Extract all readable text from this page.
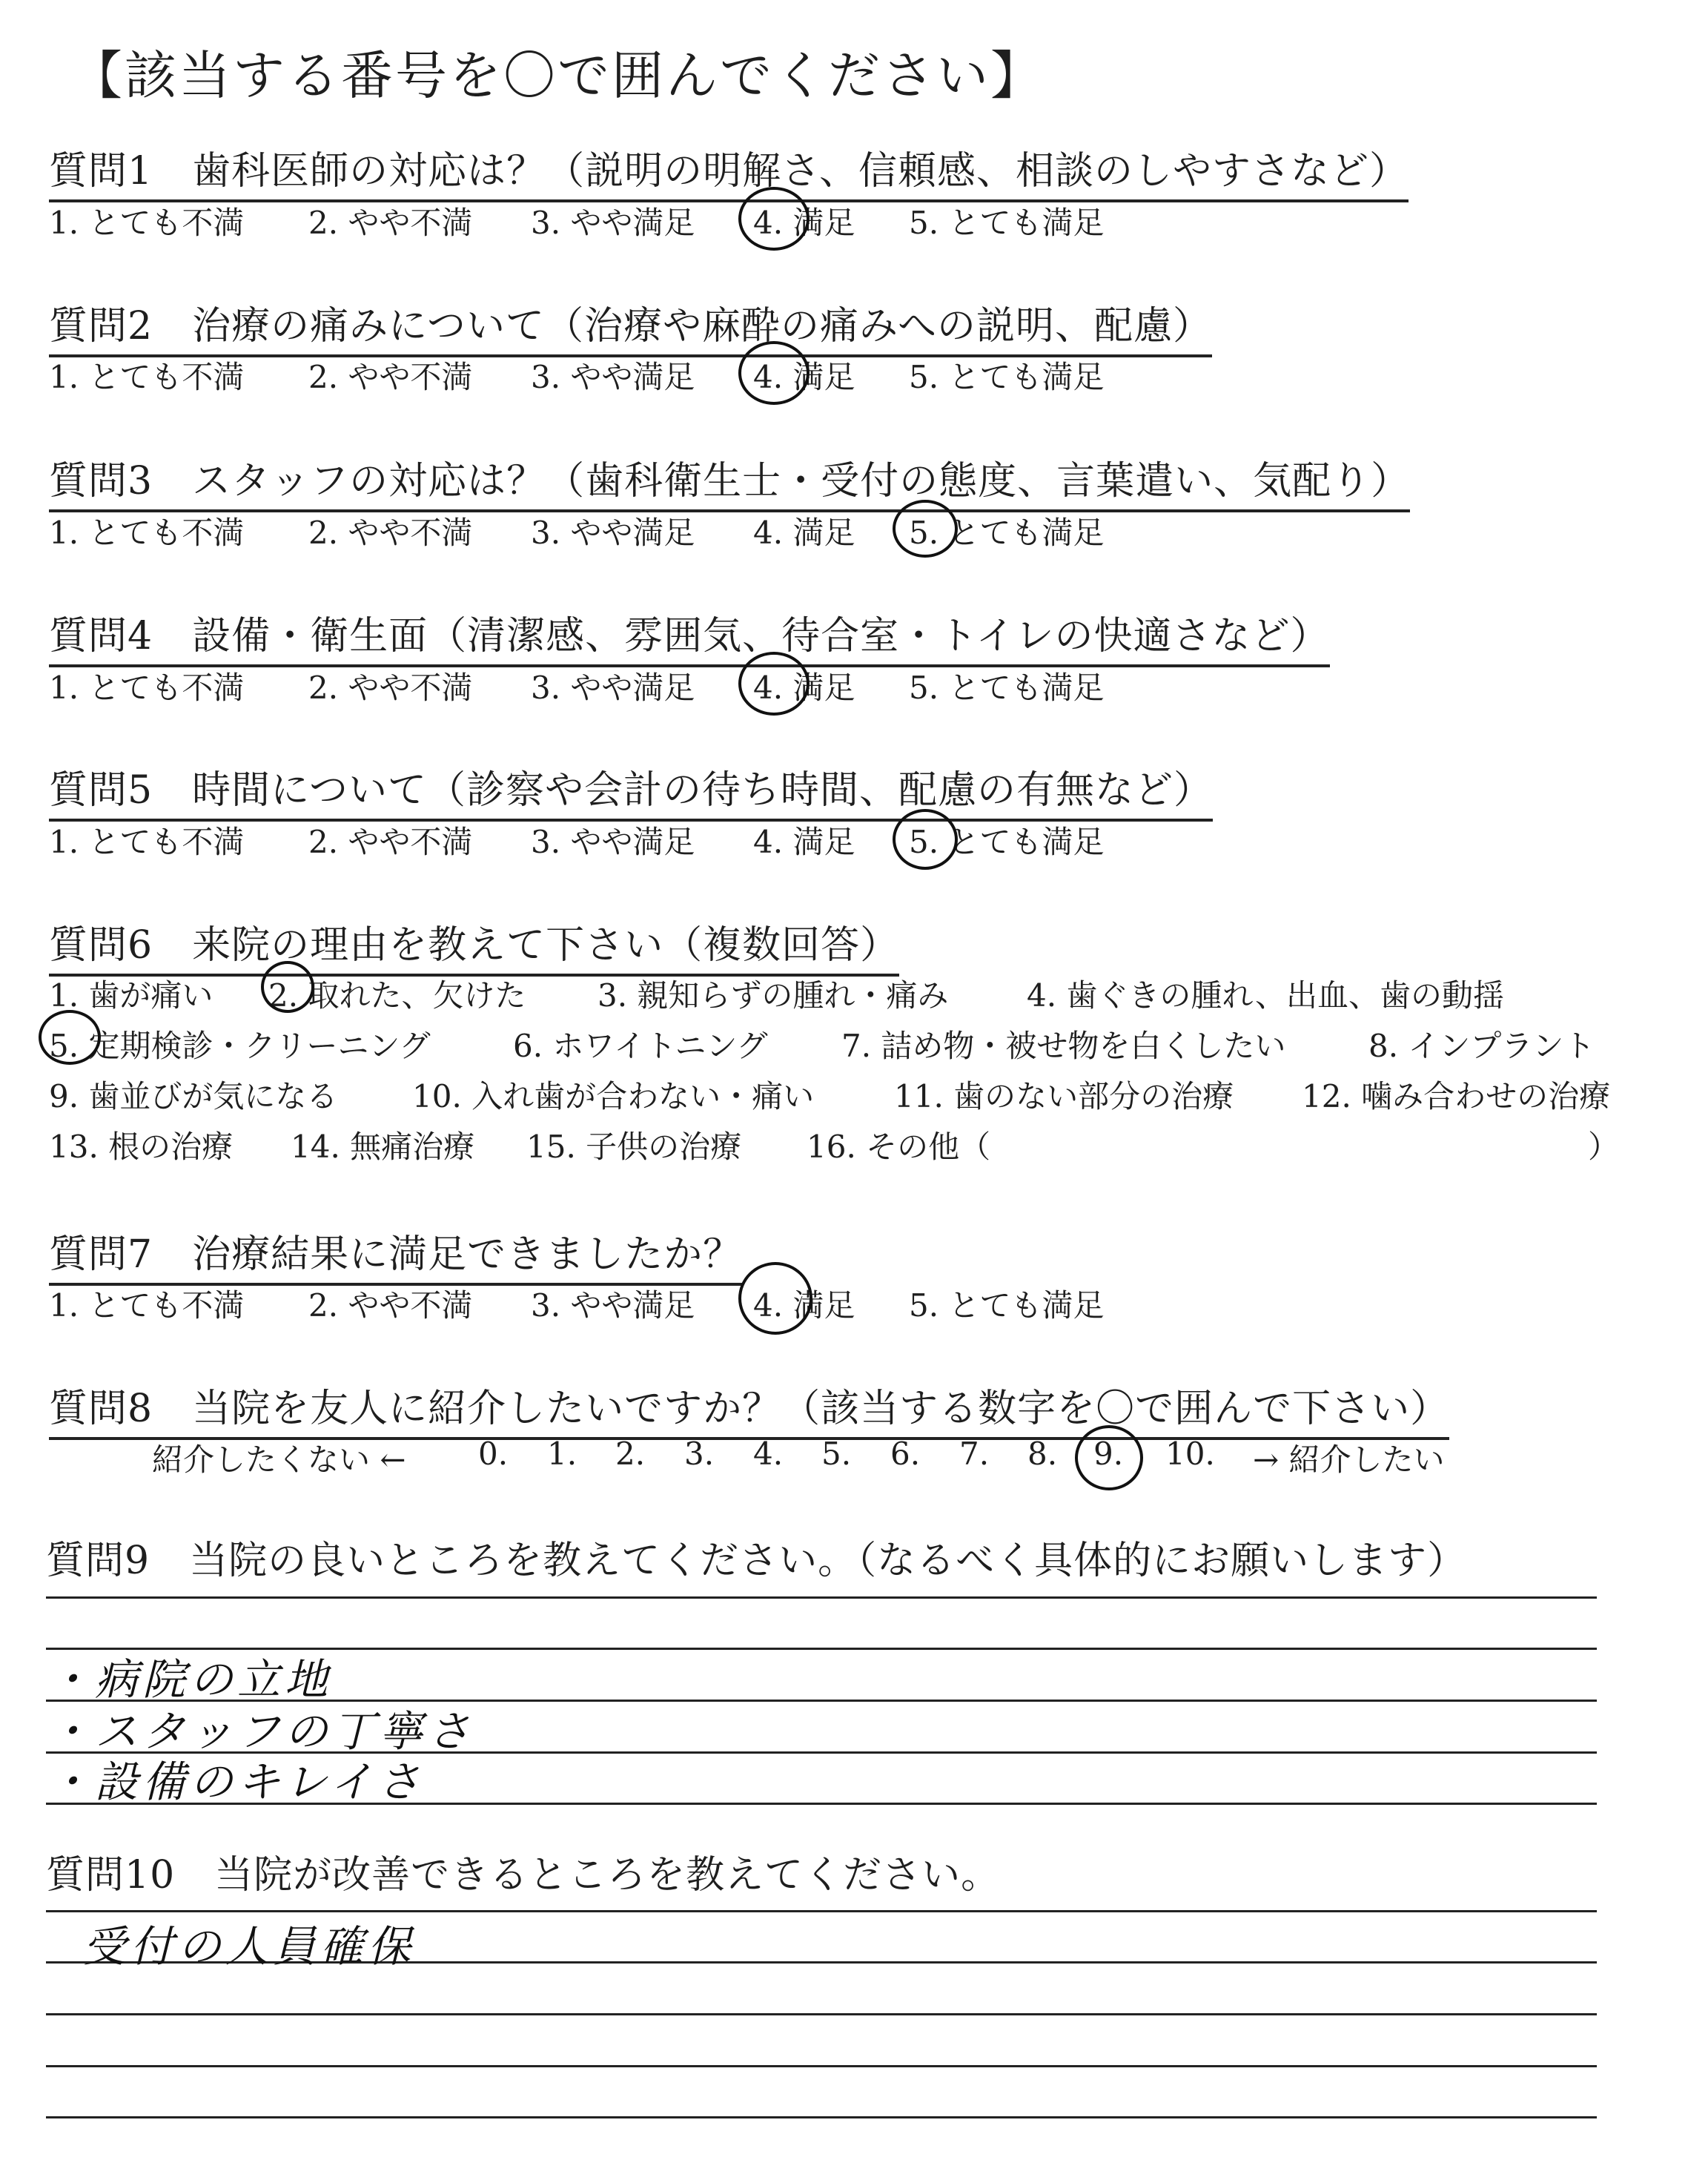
【該当する番号を〇で囲んでください】
質問1　歯科医師の対応は？（説明の明解さ、信頼感、相談のしやすさなど）
1. とても不満 2. やや不満 3. やや満足 4. 満足 5. とても満足
質問2　治療の痛みについて（治療や麻酔の痛みへの説明、配慮）
1. とても不満 2. やや不満 3. やや満足 4. 満足 5. とても満足
質問3　スタッフの対応は？（歯科衛生士・受付の態度、言葉遣い、気配り）
1. とても不満 2. やや不満 3. やや満足 4. 満足 5. とても満足
質問4　設備・衛生面（清潔感、雰囲気、待合室・トイレの快適さなど）
1. とても不満 2. やや不満 3. やや満足 4. 満足 5. とても満足
質問5　時間について（診察や会計の待ち時間、配慮の有無など）
1. とても不満 2. やや不満 3. やや満足 4. 満足 5. とても満足
質問6　来院の理由を教えて下さい（複数回答）
1. 歯が痛い 2. 取れた、欠けた 3. 親知らずの腫れ・痛み	4. 歯ぐきの腫れ、出血、歯の動揺
5. 定期検診・クリーニング	6. ホワイトニング 7. 詰め物・被せ物を白くしたい	8. インプラント
9. 歯並びが気になる 10. 入れ歯が合わない・痛い	11. 歯のない部分の治療 12. 噛み合わせの治療
13. 根の治療 14. 無痛治療 15. 子供の治療 16. その他（	）
質問7　治療結果に満足できましたか？
1. とても不満 2. やや不満 3. やや満足 4. 満足 5. とても満足
質問8　当院を友人に紹介したいですか？（該当する数字を〇で囲んで下さい）
紹介したくない ← 0. 1. 2. 3. 4. 5. 6. 7. 8. 9. 10. → 紹介したい
質問9　当院の良いところを教えてください。（なるべく具体的にお願いします）
・病院の立地
・スタッフの丁寧さ
・設備のキレイさ
質問10　当院が改善できるところを教えてください。
受付の人員確保
